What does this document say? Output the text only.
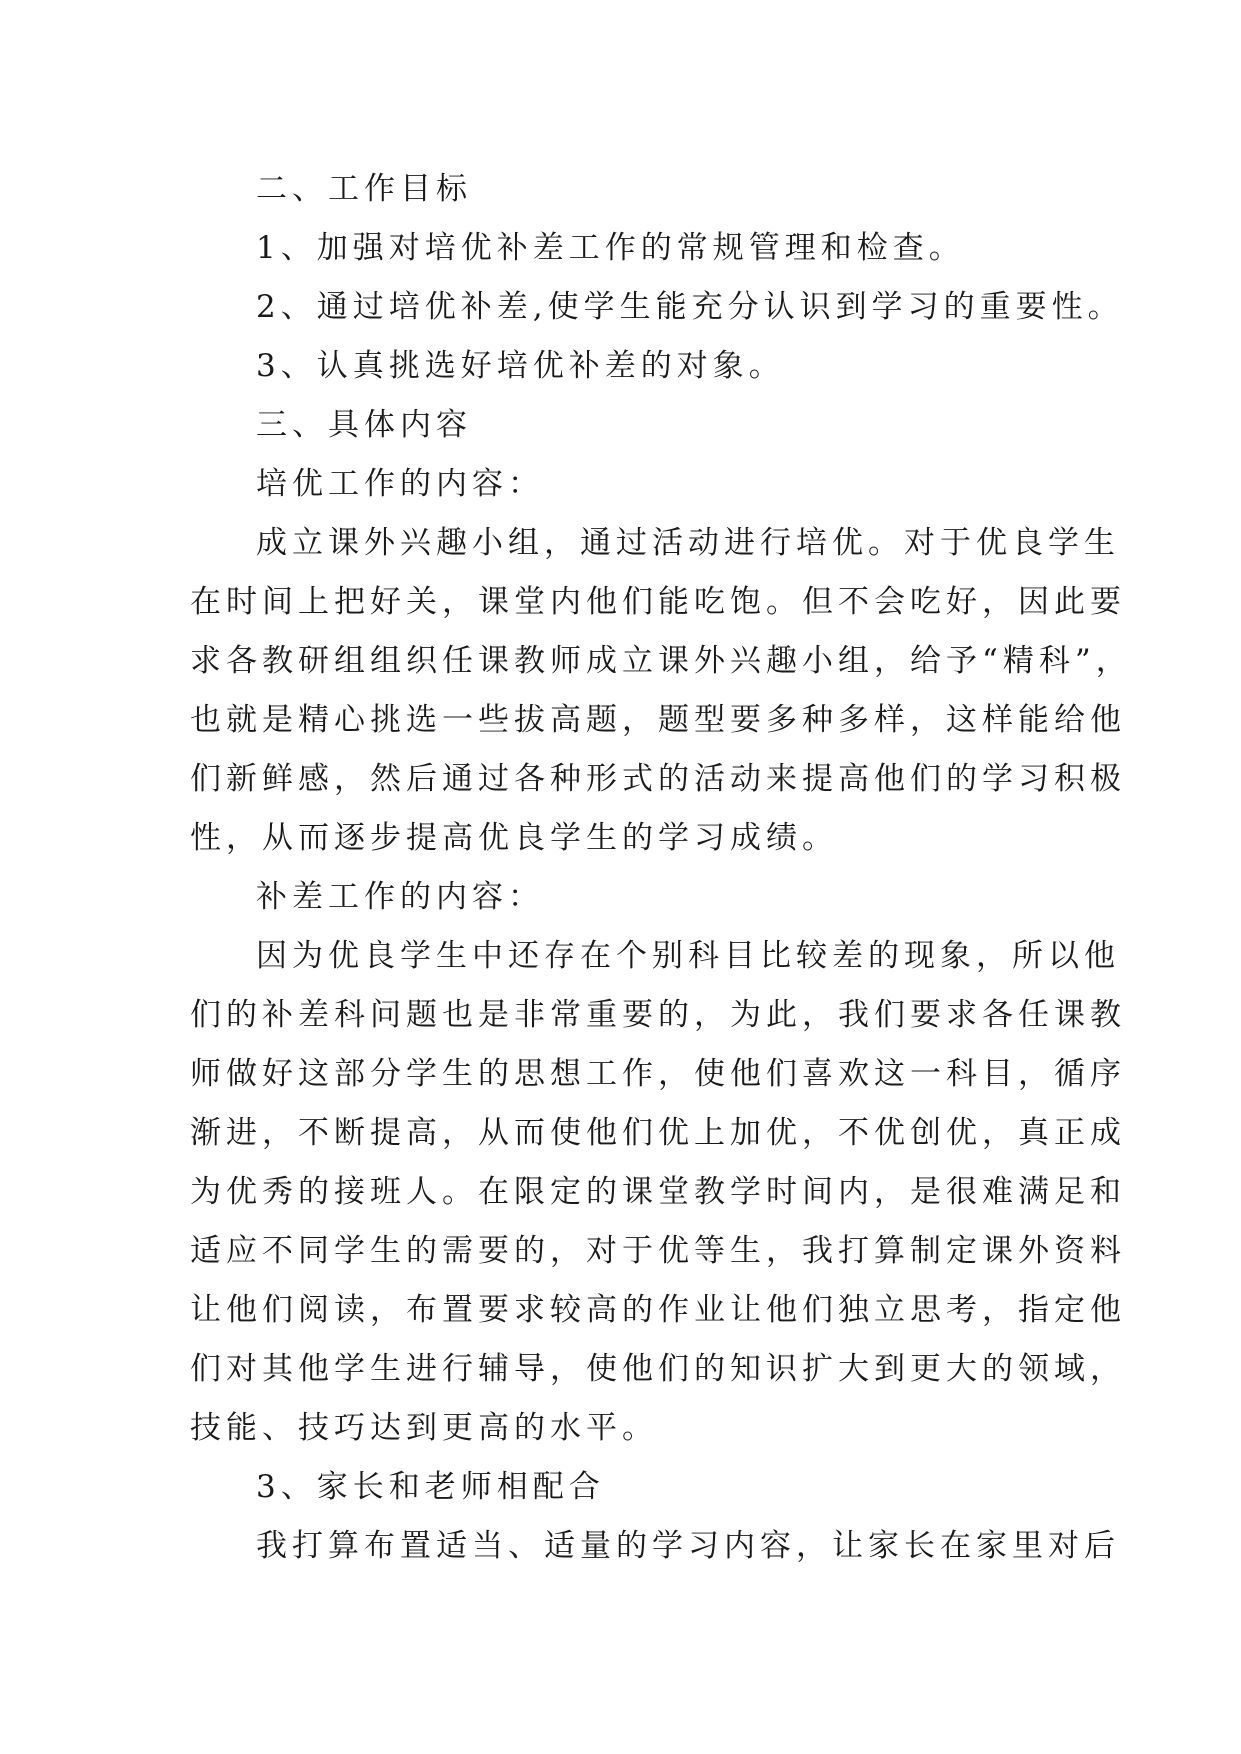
二、工作目标
1、加强对培优补差工作的常规管理和检查。
2、通过培优补差,使学生能充分认识到学习的重要性。
3、认真挑选好培优补差的对象。
三、具体内容
培优工作的内容：
成立课外兴趣小组，通过活动进行培优。对于优良学生
在时间上把好关，课堂内他们能吃饱。但不会吃好，因此要
求各教研组组织任课教师成立课外兴趣小组，给予“精科”，
也就是精心挑选一些拔高题，题型要多种多样，这样能给他
们新鲜感，然后通过各种形式的活动来提高他们的学习积极
性，从而逐步提高优良学生的学习成绩。
补差工作的内容：
因为优良学生中还存在个别科目比较差的现象，所以他
们的补差科问题也是非常重要的，为此，我们要求各任课教
师做好这部分学生的思想工作，使他们喜欢这一科目，循序
渐进，不断提高，从而使他们优上加优，不优创优，真正成
为优秀的接班人。在限定的课堂教学时间内，是很难满足和
适应不同学生的需要的，对于优等生，我打算制定课外资料
让他们阅读，布置要求较高的作业让他们独立思考，指定他
们对其他学生进行辅导，使他们的知识扩大到更大的领域，
技能、技巧达到更高的水平。
3、家长和老师相配合
我打算布置适当、适量的学习内容，让家长在家里对后
